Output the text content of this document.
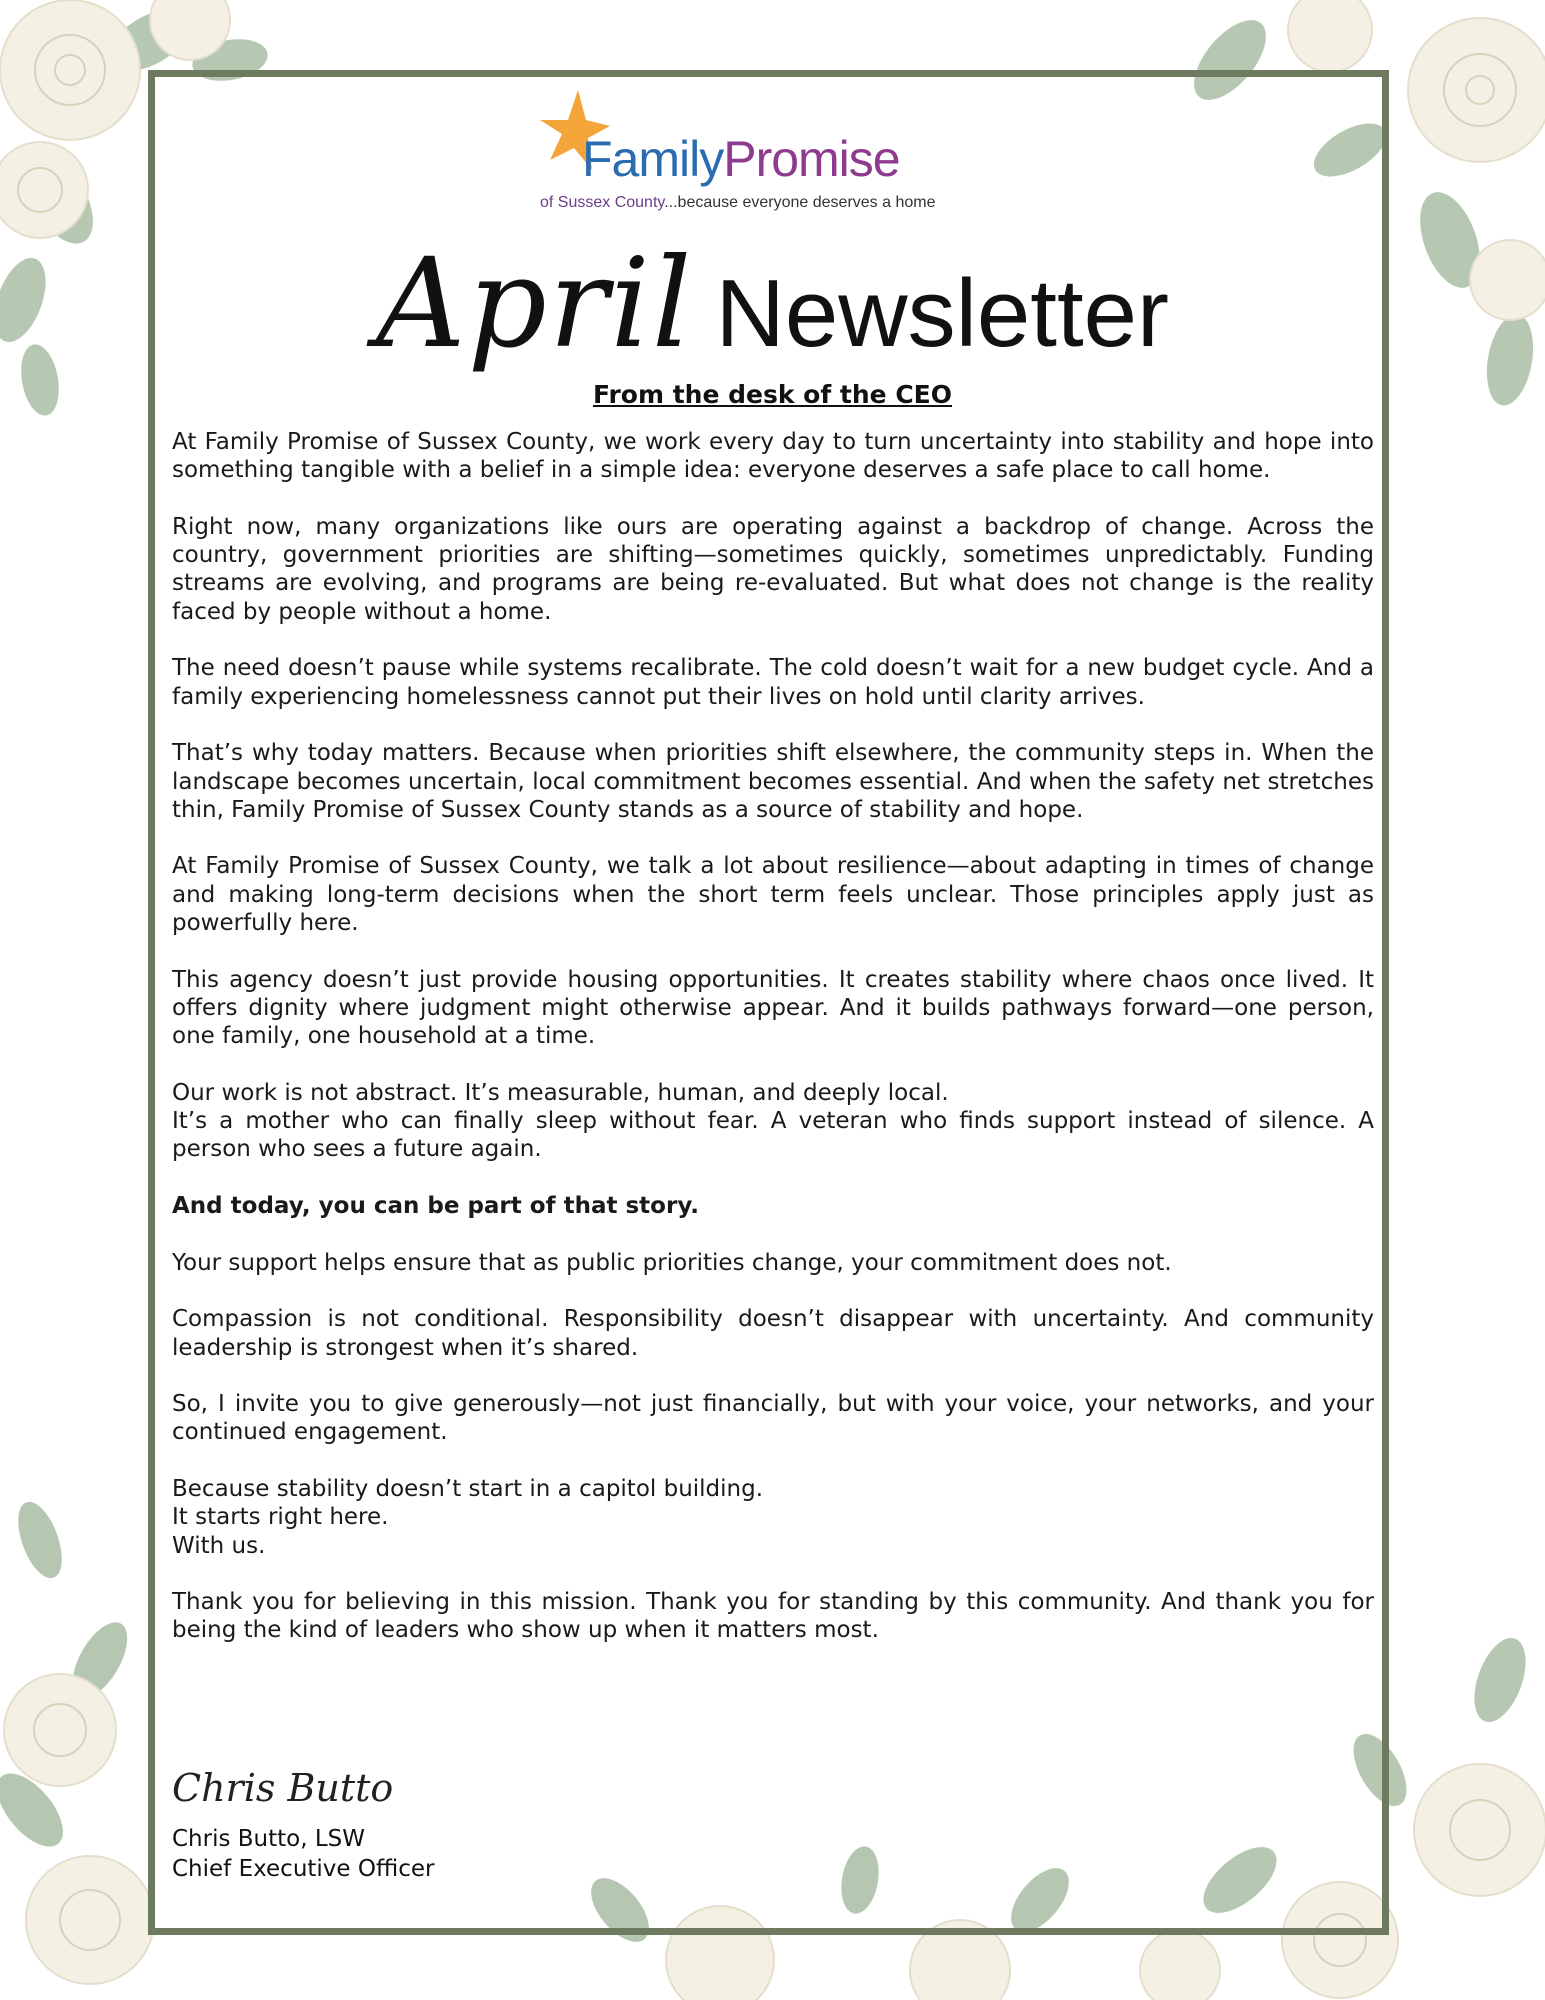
FamilyPromise
of Sussex County...because everyone deserves a home
April Newsletter
From the desk of the CEO

At Family Promise of Sussex County, we work every day to turn uncertainty into stability and hope into something tangible with a belief in a simple idea: everyone deserves a safe place to call home.

Right now, many organizations like ours are operating against a backdrop of change. Across the country, government priorities are shifting—sometimes quickly, sometimes unpredictably. Funding streams are evolving, and programs are being re-evaluated. But what does not change is the reality faced by people without a home.

The need doesn’t pause while systems recalibrate. The cold doesn’t wait for a new budget cycle. And a family experiencing homelessness cannot put their lives on hold until clarity arrives.

That’s why today matters. Because when priorities shift elsewhere, the community steps in. When the landscape becomes uncertain, local commitment becomes essential. And when the safety net stretches thin, Family Promise of Sussex County stands as a source of stability and hope.

At Family Promise of Sussex County, we talk a lot about resilience—about adapting in times of change and making long-term decisions when the short term feels unclear. Those principles apply just as powerfully here.

This agency doesn’t just provide housing opportunities. It creates stability where chaos once lived. It offers dignity where judgment might otherwise appear. And it builds pathways forward—one person, one family, one household at a time.

Our work is not abstract. It’s measurable, human, and deeply local.
It’s a mother who can finally sleep without fear. A veteran who finds support instead of silence. A person who sees a future again.

And today, you can be part of that story.

Your support helps ensure that as public priorities change, your commitment does not.

Compassion is not conditional. Responsibility doesn’t disappear with uncertainty. And community leadership is strongest when it’s shared.

So, I invite you to give generously—not just financially, but with your voice, your networks, and your continued engagement.

Because stability doesn’t start in a capitol building.
It starts right here.
With us.

Thank you for believing in this mission. Thank you for standing by this community. And thank you for being the kind of leaders who show up when it matters most.

Chris Butto
Chris Butto, LSW
Chief Executive Officer
